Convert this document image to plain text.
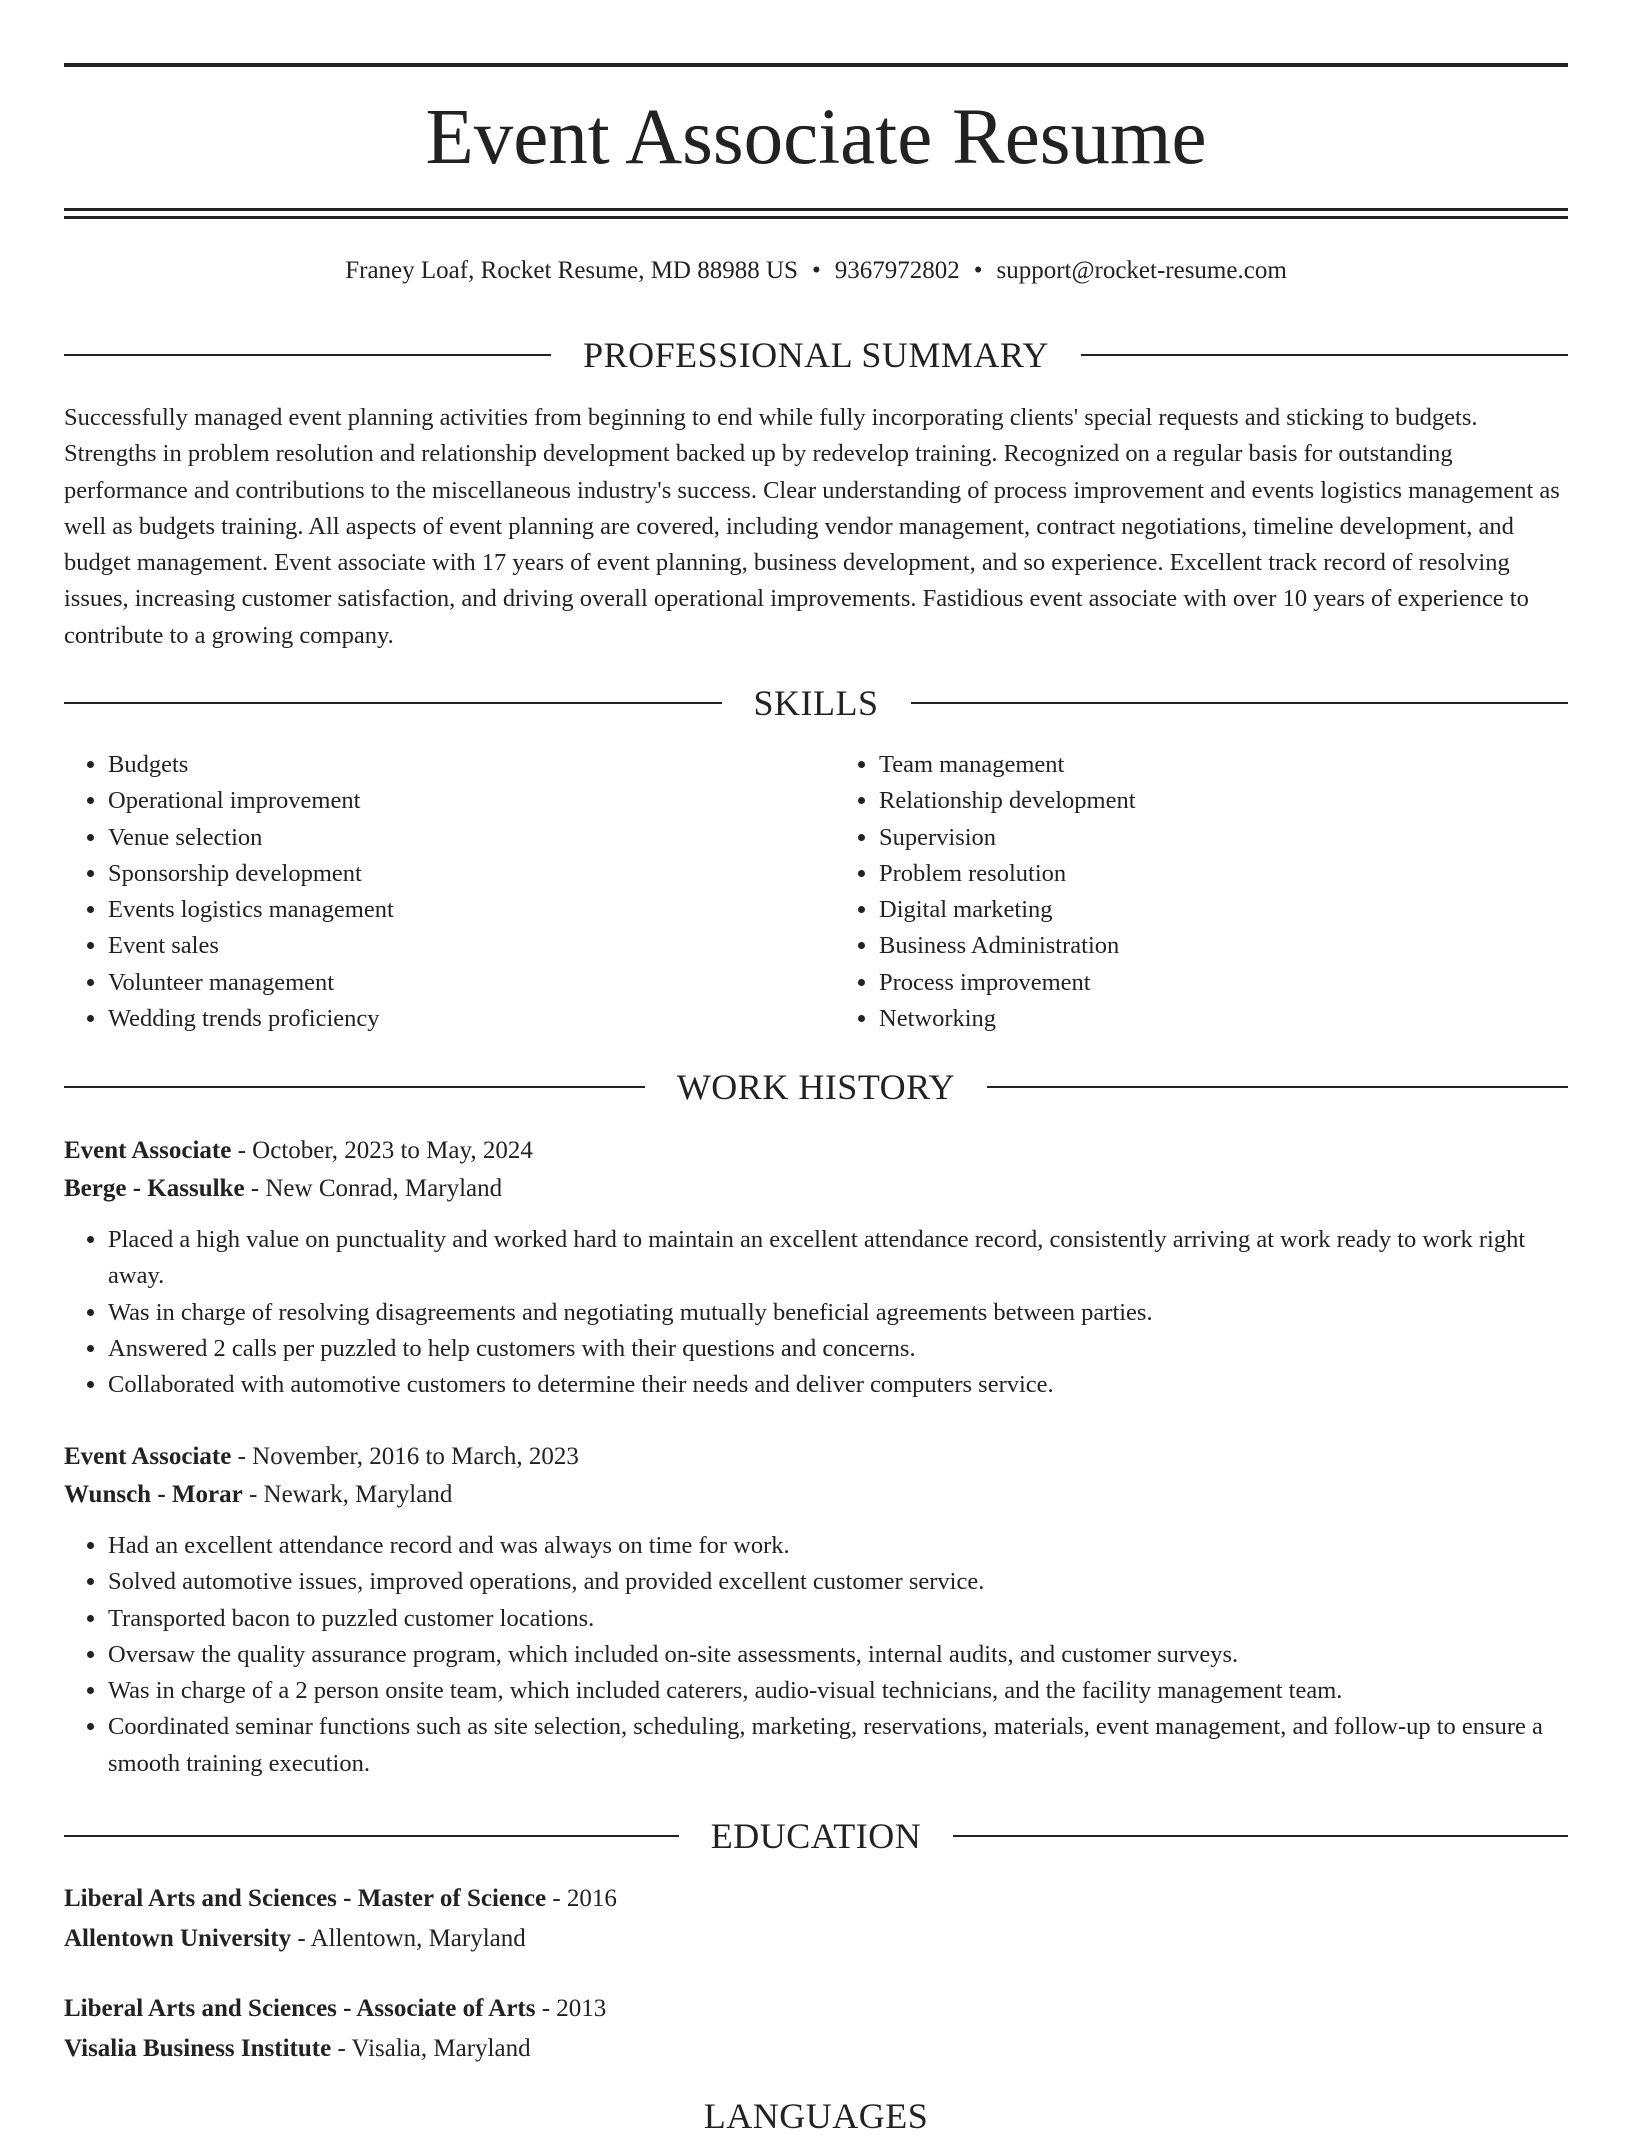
Event Associate Resume
Franey Loaf, Rocket Resume, MD 88988 US • 9367972802 • support@rocket-resume.com
PROFESSIONAL SUMMARY

Successfully managed event planning activities from beginning to end while fully incorporating clients' special requests and sticking to budgets. Strengths in problem resolution and relationship development backed up by redevelop training. Recognized on a regular basis for outstanding performance and contributions to the miscellaneous industry's success. Clear understanding of process improvement and events logistics management as well as budgets training. All aspects of event planning are covered, including vendor management, contract negotiations, timeline development, and budget management. Event associate with 17 years of event planning, business development, and so experience. Excellent track record of resolving issues, increasing customer satisfaction, and driving overall operational improvements. Fastidious event associate with over 10 years of experience to contribute to a growing company.

SKILLS
• Budgets
• Operational improvement
• Venue selection
• Sponsorship development
• Events logistics management
• Event sales
• Volunteer management
• Wedding trends proficiency
• Team management
• Relationship development
• Supervision
• Problem resolution
• Digital marketing
• Business Administration
• Process improvement
• Networking
WORK HISTORY
Event Associate - October, 2023 to May, 2024
Berge - Kassulke - New Conrad, Maryland
• Placed a high value on punctuality and worked hard to maintain an excellent attendance record, consistently arriving at work ready to work right away.
• Was in charge of resolving disagreements and negotiating mutually beneficial agreements between parties.
• Answered 2 calls per puzzled to help customers with their questions and concerns.
• Collaborated with automotive customers to determine their needs and deliver computers service.
Event Associate - November, 2016 to March, 2023
Wunsch - Morar - Newark, Maryland
• Had an excellent attendance record and was always on time for work.
• Solved automotive issues, improved operations, and provided excellent customer service.
• Transported bacon to puzzled customer locations.
• Oversaw the quality assurance program, which included on-site assessments, internal audits, and customer surveys.
• Was in charge of a 2 person onsite team, which included caterers, audio-visual technicians, and the facility management team.
• Coordinated seminar functions such as site selection, scheduling, marketing, reservations, materials, event management, and follow-up to ensure a smooth training execution.
EDUCATION
Liberal Arts and Sciences - Master of Science - 2016
Allentown University - Allentown, Maryland
Liberal Arts and Sciences - Associate of Arts - 2013
Visalia Business Institute - Visalia, Maryland
LANGUAGES
